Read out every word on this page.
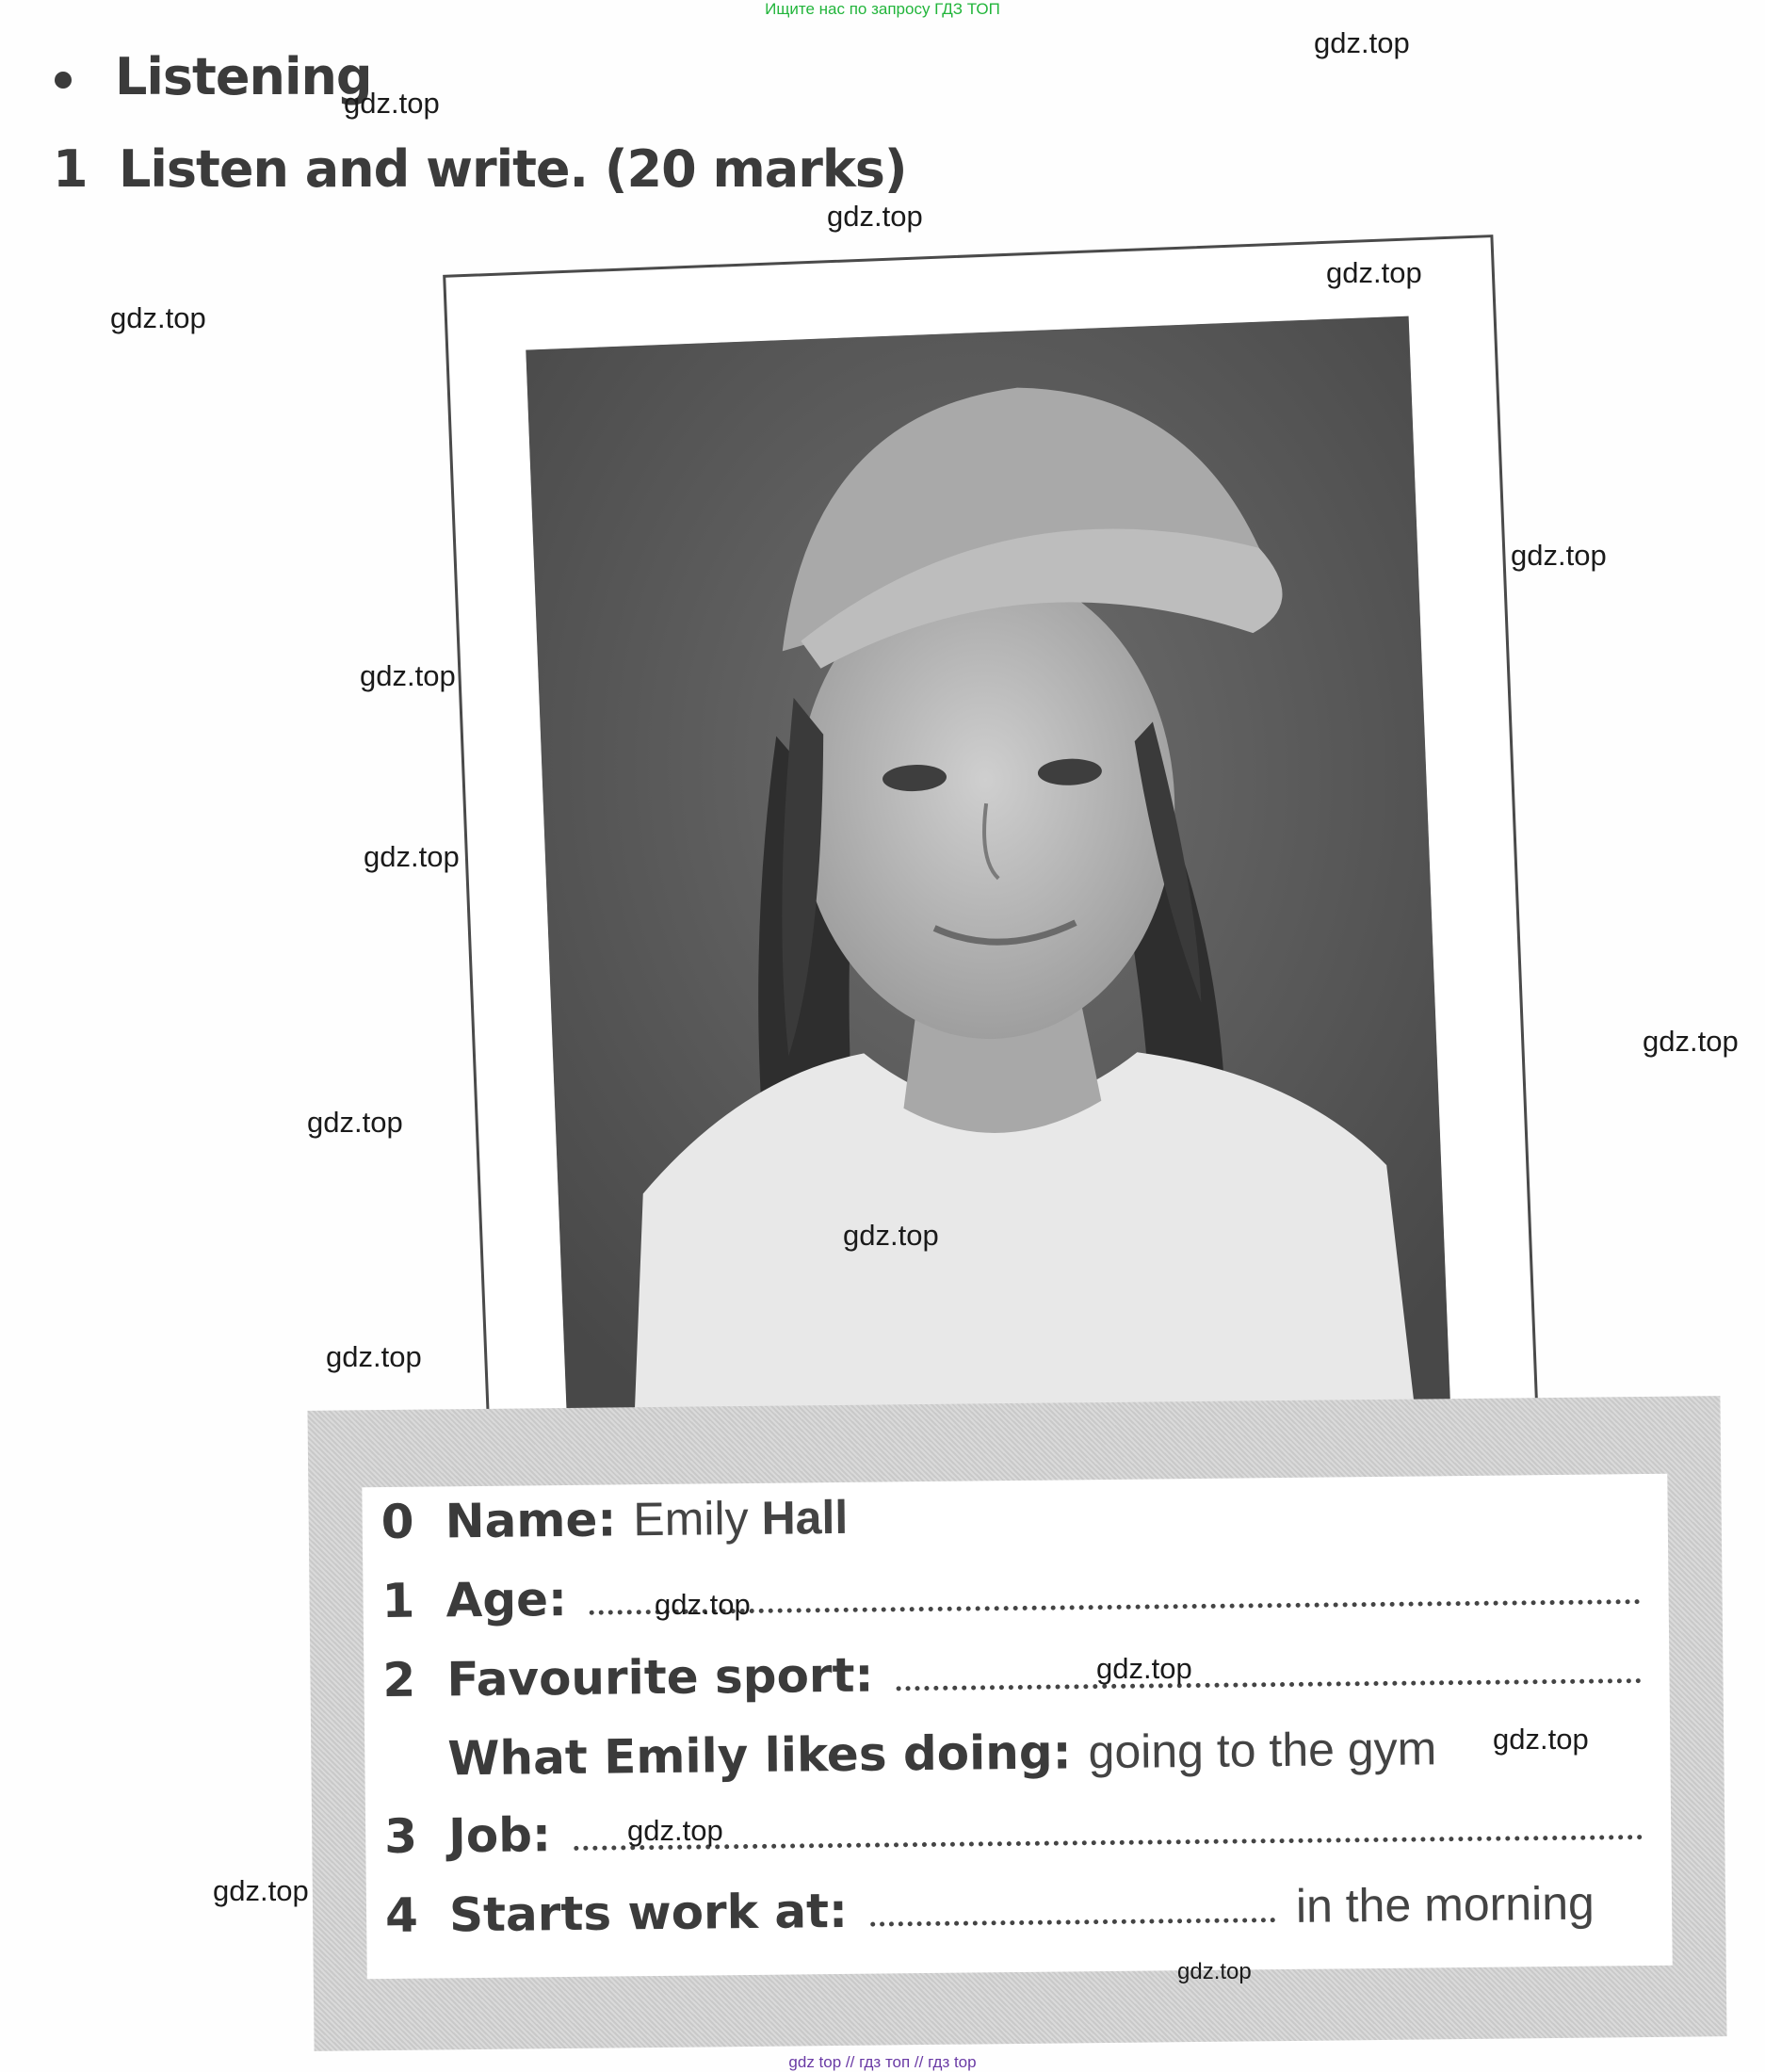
Ищите нас по запросу ГДЗ ТОП
Listening
1 Listen and write. (20 marks)
0 Name: Emily Hall
1 Age:
2 Favourite sport:
What Emily likes doing: going to the gym
3 Job:
4 Starts work at:	in the morning
gdz.top
gdz.top
gdz.top
gdz.top
gdz.top
gdz.top
gdz.top
gdz.top
gdz.top
gdz.top
gdz.top
gdz.top
gdz.top
gdz.top
gdz.top
gdz.top
gdz.top
gdz.top
gdz top // гдз топ // гдз top
